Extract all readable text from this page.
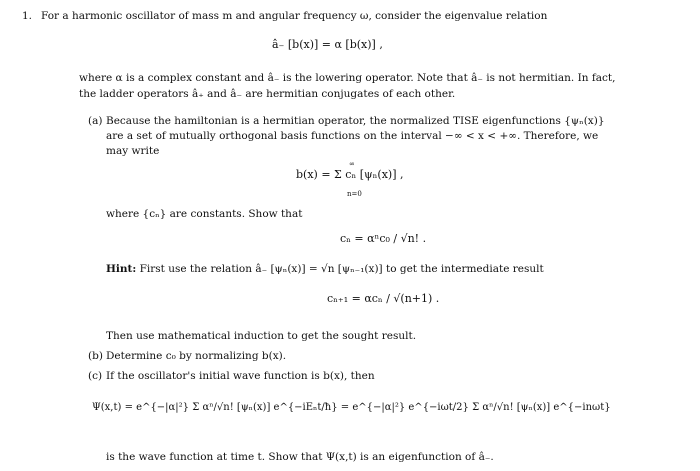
1. For a harmonic oscillator of mass m and angular frequency ω, consider the eigenvalue relation
â₋ [b(x)] = α [b(x)] ,
where α is a complex constant and â₋ is the lowering operator. Note that â₋ is not hermitian. In fact,
the ladder operators â₊ and â₋ are hermitian conjugates of each other.
(a) Because the hamiltonian is a hermitian operator, the normalized TISE eigenfunctions {ψₙ(x)}
are a set of mutually orthogonal basis functions on the interval −∞ < x < +∞. Therefore, we
may write
b(x) = Σ cₙ [ψₙ(x)] ,
∞
n=0
where {cₙ} are constants. Show that
cₙ = αⁿc₀ / √n! .
Hint: First use the relation â₋ [ψₙ(x)] = √n [ψₙ₋₁(x)] to get the intermediate result
cₙ₊₁ = αcₙ / √(n+1) .
Then use mathematical induction to get the sought result.
(b) Determine c₀ by normalizing b(x).
(c) If the oscillator's initial wave function is b(x), then
Ψ(x,t) = e^{−|α|²} Σ αⁿ/√n! [ψₙ(x)] e^{−iEₙt/ħ} = e^{−|α|²} e^{−iωt/2} Σ αⁿ/√n! [ψₙ(x)] e^{−inωt}
is the wave function at time t. Show that Ψ(x,t) is an eigenfunction of â₋.
